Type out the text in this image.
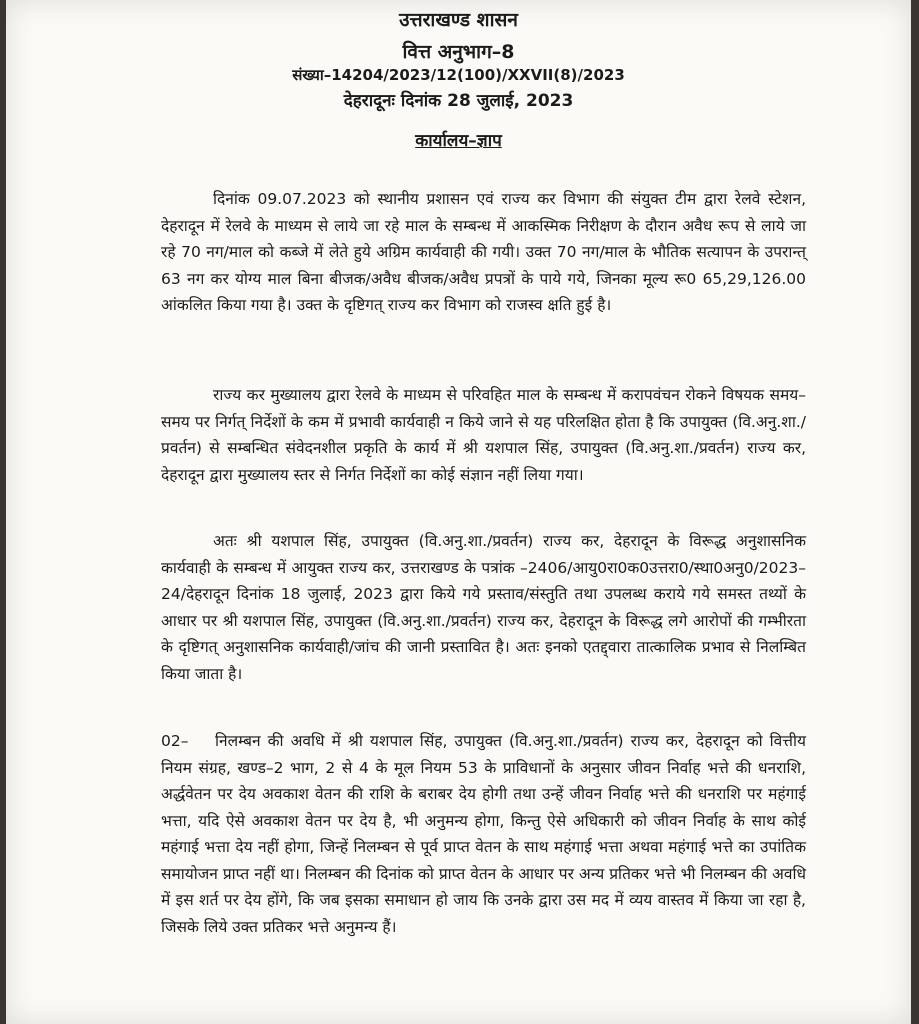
उत्तराखण्ड शासन
वित्त अनुभाग–8
संख्या–14204/2023/12(100)/XXVII(8)/2023
देहरादूनः दिनांक 28 जुलाई, 2023
कार्यालय–ज्ञाप
दिनांक 09.07.2023 को स्थानीय प्रशासन एवं राज्य कर विभाग की संयुक्त टीम द्वारा रेलवे स्टेशन, देहरादून में रेलवे के माध्यम से लाये जा रहे माल के सम्बन्ध में आकस्मिक निरीक्षण के दौरान अवैध रूप से लाये जा रहे 70 नग/माल को कब्जे में लेते हुये अग्रिम कार्यवाही की गयी। उक्त 70 नग/माल के भौतिक सत्यापन के उपरान्त् 63 नग कर योग्य माल बिना बीजक/अवैध बीजक/अवैध प्रपत्रों के पाये गये, जिनका मूल्य रू0 65,29,126.00 आंकलित किया गया है। उक्त के दृष्टिगत् राज्य कर विभाग को राजस्व क्षति हुई है।
राज्य कर मुख्यालय द्वारा रेलवे के माध्यम से परिवहित माल के सम्बन्ध में करापवंचन रोकने विषयक समय–समय पर निर्गत् निर्देशों के कम में प्रभावी कार्यवाही न किये जाने से यह परिलक्षित होता है कि उपायुक्त (वि.अनु.शा./प्रवर्तन) से सम्बन्धित संवेदनशील प्रकृति के कार्य में श्री यशपाल सिंह, उपायुक्त (वि.अनु.शा./प्रवर्तन) राज्य कर, देहरादून द्वारा मुख्यालय स्तर से निर्गत निर्देशों का कोई संज्ञान नहीं लिया गया।
अतः श्री यशपाल सिंह, उपायुक्त (वि.अनु.शा./प्रवर्तन) राज्य कर, देहरादून के विरूद्ध अनुशासनिक कार्यवाही के सम्बन्ध में आयुक्त राज्य कर, उत्तराखण्ड के पत्रांक –2406/आयु0रा0क0उत्तरा0/स्था0अनु0/2023–24/देहरादून दिनांक 18 जुलाई, 2023 द्वारा किये गये प्रस्ताव/संस्तुति तथा उपलब्ध कराये गये समस्त तथ्यों के आधार पर श्री यशपाल सिंह, उपायुक्त (वि.अनु.शा./प्रवर्तन) राज्य कर, देहरादून के विरूद्ध लगे आरोपों की गम्भीरता के दृष्टिगत् अनुशासनिक कार्यवाही/जांच की जानी प्रस्तावित है। अतः इनको एतद्द्वारा तात्कालिक प्रभाव से निलम्बित किया जाता है।
02– निलम्बन की अवधि में श्री यशपाल सिंह, उपायुक्त (वि.अनु.शा./प्रवर्तन) राज्य कर, देहरादून को वित्तीय नियम संग्रह, खण्ड–2 भाग, 2 से 4 के मूल नियम 53 के प्राविधानों के अनुसार जीवन निर्वाह भत्ते की धनराशि, अर्द्धवेतन पर देय अवकाश वेतन की राशि के बराबर देय होगी तथा उन्हें जीवन निर्वाह भत्ते की धनराशि पर महंगाई भत्ता, यदि ऐसे अवकाश वेतन पर देय है, भी अनुमन्य होगा, किन्तु ऐसे अधिकारी को जीवन निर्वाह के साथ कोई महंगाई भत्ता देय नहीं होगा, जिन्हें निलम्बन से पूर्व प्राप्त वेतन के साथ महंगाई भत्ता अथवा महंगाई भत्ते का उपांतिक समायोजन प्राप्त नहीं था। निलम्बन की दिनांक को प्राप्त वेतन के आधार पर अन्य प्रतिकर भत्ते भी निलम्बन की अवधि में इस शर्त पर देय होंगे, कि जब इसका समाधान हो जाय कि उनके द्वारा उस मद में व्यय वास्तव में किया जा रहा है, जिसके लिये उक्त प्रतिकर भत्ते अनुमन्य हैं।
